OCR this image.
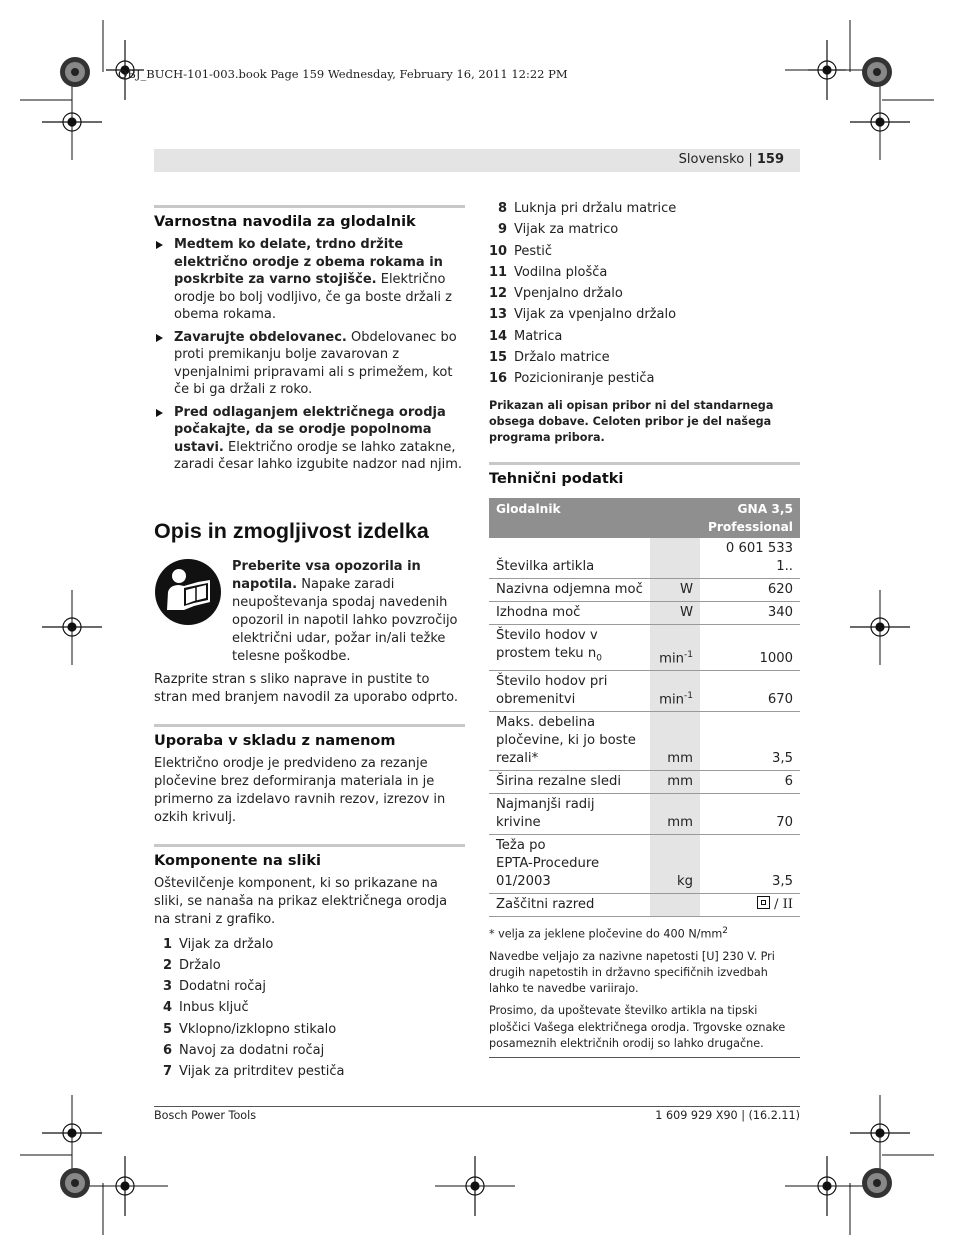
OBJ_BUCH-101-003.book Page 159 Wednesday, February 16, 2011 12:22 PM
Slovensko | 159
Varnostna navodila za glodalnik
Medtem ko delate, trdno držite električno orodje z obema rokama in poskrbite za varno stojišče. Električno orodje bo bolj vodljivo, če ga boste držali z obema rokama.
Zavarujte obdelovanec. Obdelovanec bo proti premikanju bolje zavarovan z vpenjalnimi pripravami ali s primežem, kot če bi ga držali z roko.
Pred odlaganjem električnega orodja počakajte, da se orodje popolnoma ustavi. Električno orodje se lahko zatakne, zaradi česar lahko izgubite nadzor nad njim.
Opis in zmogljivost izdelka
Preberite vsa opozorila in napotila. Napake zaradi neupoštevanja spodaj navedenih opozoril in napotil lahko povzročijo električni udar, požar in/ali težke telesne poškodbe.

Razprite stran s sliko naprave in pustite to stran med branjem navodil za uporabo odprto.

Uporaba v skladu z namenom

Električno orodje je predvideno za rezanje pločevine brez deformiranja materiala in je primerno za izdelavo ravnih rezov, izrezov in ozkih krivulj.

Komponente na sliki

Oštevilčenje komponent, ki so prikazane na sliki, se nanaša na prikaz električnega orodja na strani z grafiko.

1 Vijak za držalo
2 Držalo
3 Dodatni ročaj
4 Inbus ključ
5 Vklopno/izklopno stikalo
6 Navoj za dodatni ročaj
7 Vijak za pritrditev pestiča
8 Luknja pri držalu matrice
9 Vijak za matrico
10 Pestič
11 Vodilna plošča
12 Vpenjalno držalo
13 Vijak za vpenjalno držalo
14 Matrica
15 Držalo matrice
16 Pozicioniranje pestiča
Prikazan ali opisan pribor ni del standarnega obsega dobave. Celoten pribor je del našega programa pribora.
Tehnični podatki
Glodalnik		GNA 3,5
Professional
Številka artikla		0 601 533 1..
Nazivna odjemna moč	W	620
Izhodna moč	W	340
Število hodov v
prostem teku $n_0$	$\min^{-1}$	1000
Število hodov pri
obremenitvi	$\min^{-1}$	670
Maks. debelina
pločevine, ki jo boste
rezali*	mm	3,5
Širina rezalne sledi	mm	6
Najmanjši radij krivine	mm	70
Teža po
EPTA-Procedure
01/2003	kg	3,5
Zaščitni razred		/ II
* velja za jeklene pločevine do 400 $N/mm^2$
Navedbe veljajo za nazivne napetosti [U] 230 V. Pri drugih napetostih in državno specifičnih izvedbah lahko te navedbe variirajo.
Prosimo, da upoštevate številko artikla na tipski ploščici Vašega električnega orodja. Trgovske oznake posameznih električnih orodij so lahko drugačne.
Bosch Power Tools	1 609 929 X90 | (16.2.11)
